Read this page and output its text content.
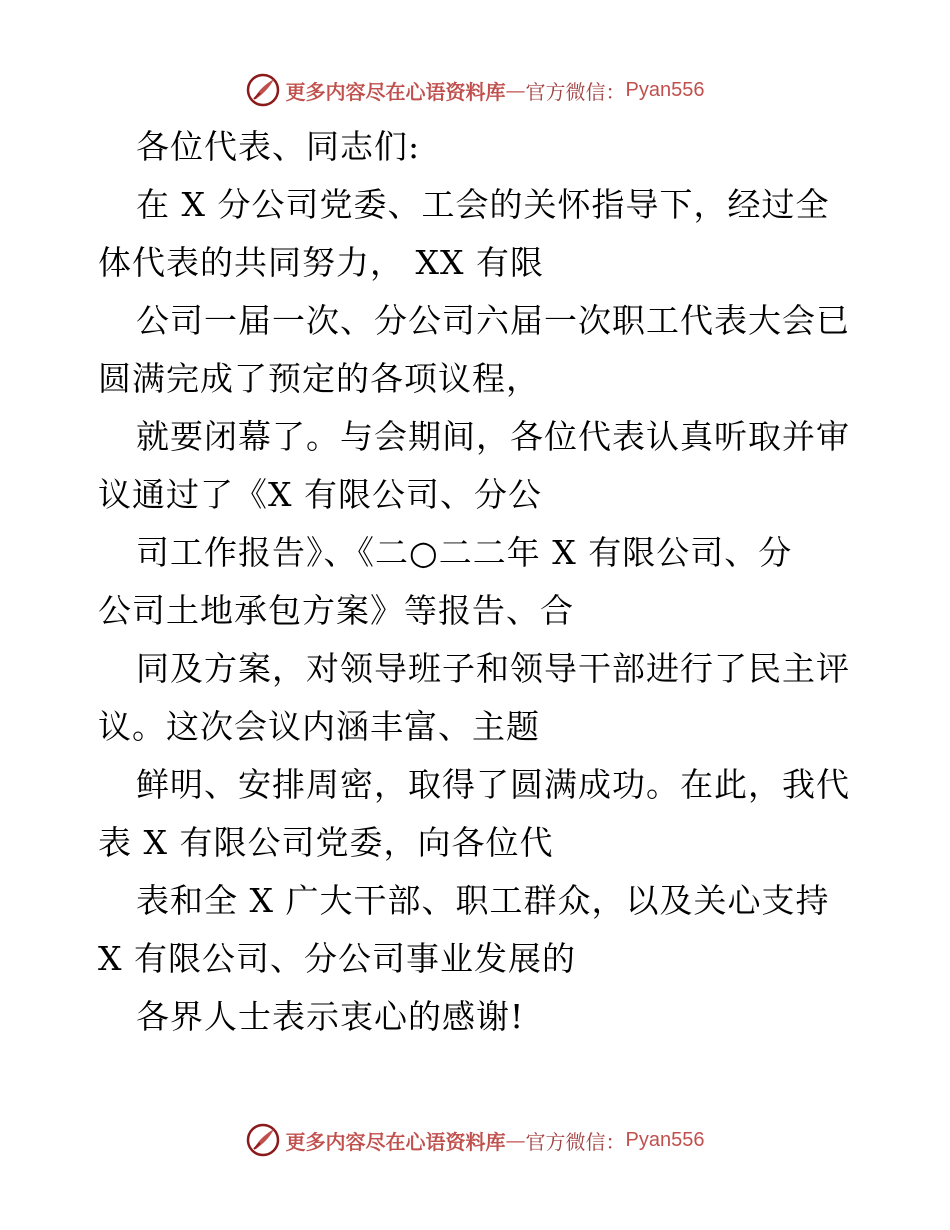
更多内容尽在心语资料库 — 官方微信： Pyan556
各位代表、同志们:
在 X 分公司党委、工会的关怀指导下，经过全
体代表的共同努力， XX 有限
公司一届一次、分公司六届一次职工代表大会已
圆满完成了预定的各项议程，
就要闭幕了。与会期间，各位代表认真听取并审
议通过了《X 有限公司、分公
司工作报告》、《二○二二年 X 有限公司、分
公司土地承包方案》等报告、合
同及方案，对领导班子和领导干部进行了民主评
议。这次会议内涵丰富、主题
鲜明、安排周密，取得了圆满成功。在此，我代
表 X 有限公司党委，向各位代
表和全 X 广大干部、职工群众，以及关心支持
X 有限公司、分公司事业发展的
各界人士表示衷心的感谢!
更多内容尽在心语资料库 — 官方微信： Pyan556
